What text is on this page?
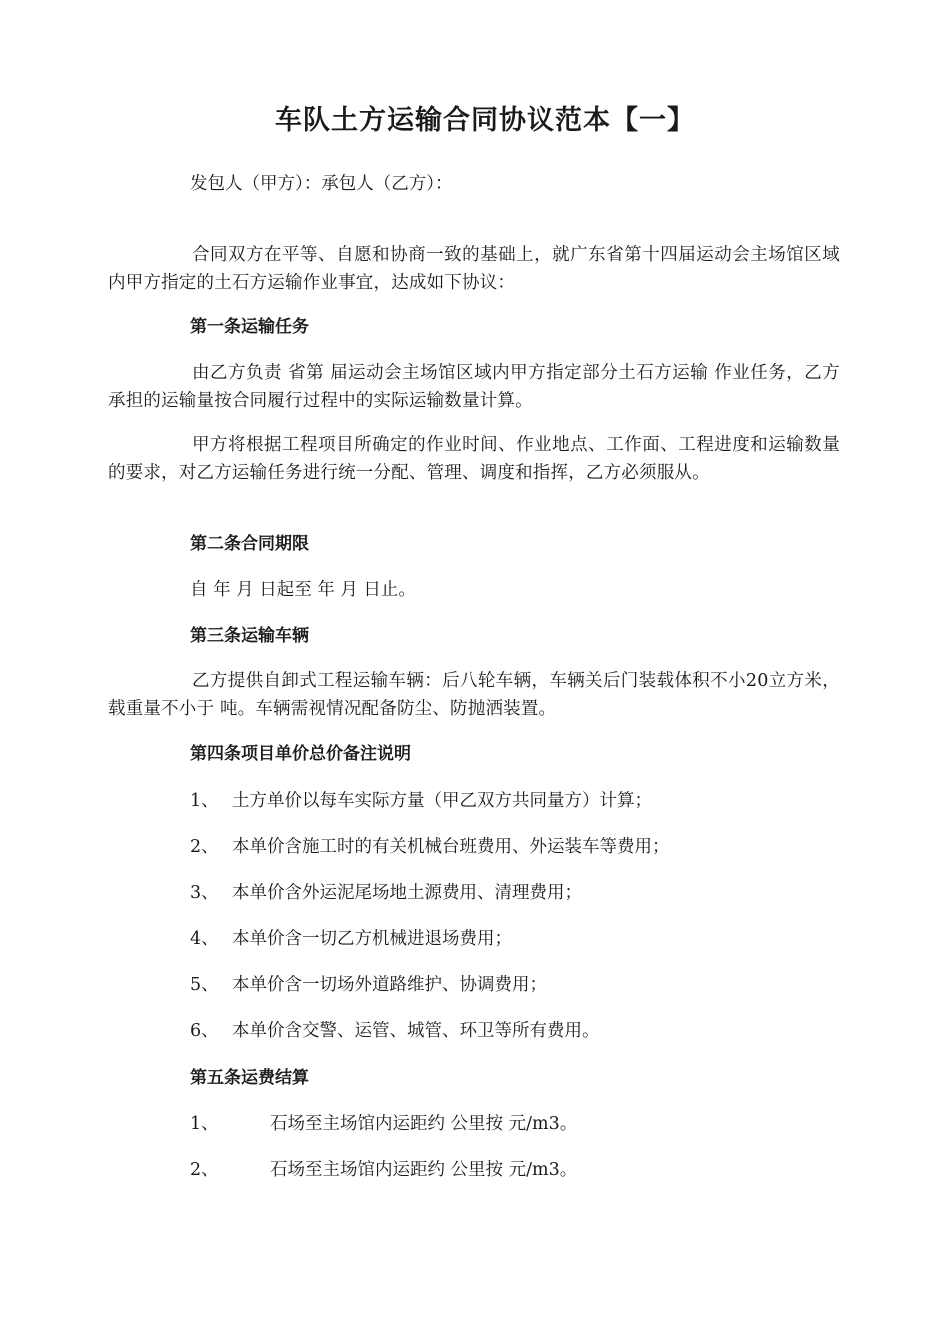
车队土方运输合同协议范本【一】
发包人（甲方）：承包人（乙方）：
合同双方在平等、自愿和协商一致的基础上，就广东省第十四届运动会主场馆区域内甲方指定的土石方运输作业事宜，达成如下协议：
第一条运输任务
由乙方负责 省第 届运动会主场馆区域内甲方指定部分土石方运输 作业任务，乙方承担的运输量按合同履行过程中的实际运输数量计算。
甲方将根据工程项目所确定的作业时间、作业地点、工作面、工程进度和运输数量的要求，对乙方运输任务进行统一分配、管理、调度和指挥，乙方必须服从。
第二条合同期限
自 年 月 日起至 年 月 日止。
第三条运输车辆
乙方提供自卸式工程运输车辆：后八轮车辆，车辆关后门装载体积不小20立方米，载重量不小于 吨。车辆需视情况配备防尘、防抛洒装置。
第四条项目单价总价备注说明
1、 土方单价以每车实际方量（甲乙双方共同量方）计算；
2、 本单价含施工时的有关机械台班费用、外运装车等费用；
3、 本单价含外运泥尾场地土源费用、清理费用；
4、 本单价含一切乙方机械进退场费用；
5、 本单价含一切场外道路维护、协调费用；
6、 本单价含交警、运管、城管、环卫等所有费用。
第五条运费结算
1、	石场至主场馆内运距约 公里按 元/m3。
2、	石场至主场馆内运距约 公里按 元/m3。
